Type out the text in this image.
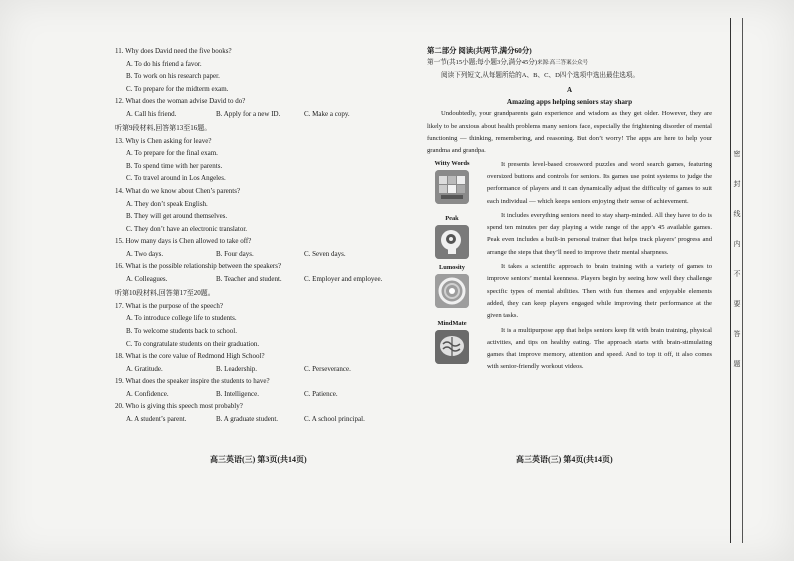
11. Why does David need the five books?
A. To do his friend a favor.
B. To work on his research paper.
C. To prepare for the midterm exam.
12. What does the woman advise David to do?
A. Call his friend.	B. Apply for a new ID.	C. Make a copy.
听第9段材料,回答第13至16题。
13. Why is Chen asking for leave?
A. To prepare for the final exam.
B. To spend time with her parents.
C. To travel around in Los Angeles.
14. What do we know about Chen’s parents?
A. They don’t speak English.
B. They will get around themselves.
C. They don’t have an electronic translator.
15. How many days is Chen allowed to take off?
A. Two days.	B. Four days.	C. Seven days.
16. What is the possible relationship between the speakers?
A. Colleagues.	B. Teacher and student.	C. Employer and employee.
听第10段材料,回答第17至20题。
17. What is the purpose of the speech?
A. To introduce college life to students.
B. To welcome students back to school.
C. To congratulate students on their graduation.
18. What is the core value of Redmond High School?
A. Gratitude.	B. Leadership.	C. Perseverance.
19. What does the speaker inspire the students to have?
A. Confidence.	B. Intelligence.	C. Patience.
20. Who is giving this speech most probably?
A. A student’s parent.	B. A graduate student.	C. A school principal.
高三英语(三) 第3页(共14页)
第二部分 阅读(共两节,满分60分)
第一节(共15小题;每小题3分,满分45分)来源:高三答案公众号
阅读下列短文,从每题所给的A、B、C、D四个选项中选出最佳选项。
A
Amazing apps helping seniors stay sharp
Undoubtedly, your grandparents gain experience and wisdom as they get older. However, they are likely to be anxious about health problems many seniors face, especially the frightening disorder of mental functioning — thinking, remembering, and reasoning. But don’t worry! The apps are here to help your grandma and grandpa.
Witty Words	It presents level-based crossword puzzles and word search games, featuring oversized buttons and controls for seniors. Its games use point systems to judge the performance of players and it can dynamically adjust the difficulty of games to suit each individual — which keeps seniors enjoying their sense of achievement.
Peak	It includes everything seniors need to stay sharp-minded. All they have to do is spend ten minutes per day playing a wide range of the app’s 45 available games. Peak even includes a built-in personal trainer that helps track players’ progress and arrange the steps that they’ll need to improve their mental sharpness.
Lumosity	It takes a scientific approach to brain training with a variety of games to improve seniors’ mental keenness. Players begin by seeing how well they challenge specific types of mental abilities. Then with fun themes and enjoyable elements added, they can keep players engaged while improving their performance at the given tasks.
MindMate
It is a multipurpose app that helps seniors keep fit with brain training, physical activities, and tips on healthy eating. The approach starts with brain-stimulating games that improve memory, attention and speed. And to top it off, it also comes with senior-friendly workout videos.
高三英语(三) 第4页(共14页)
密
封
线
内
不
要
答
题
